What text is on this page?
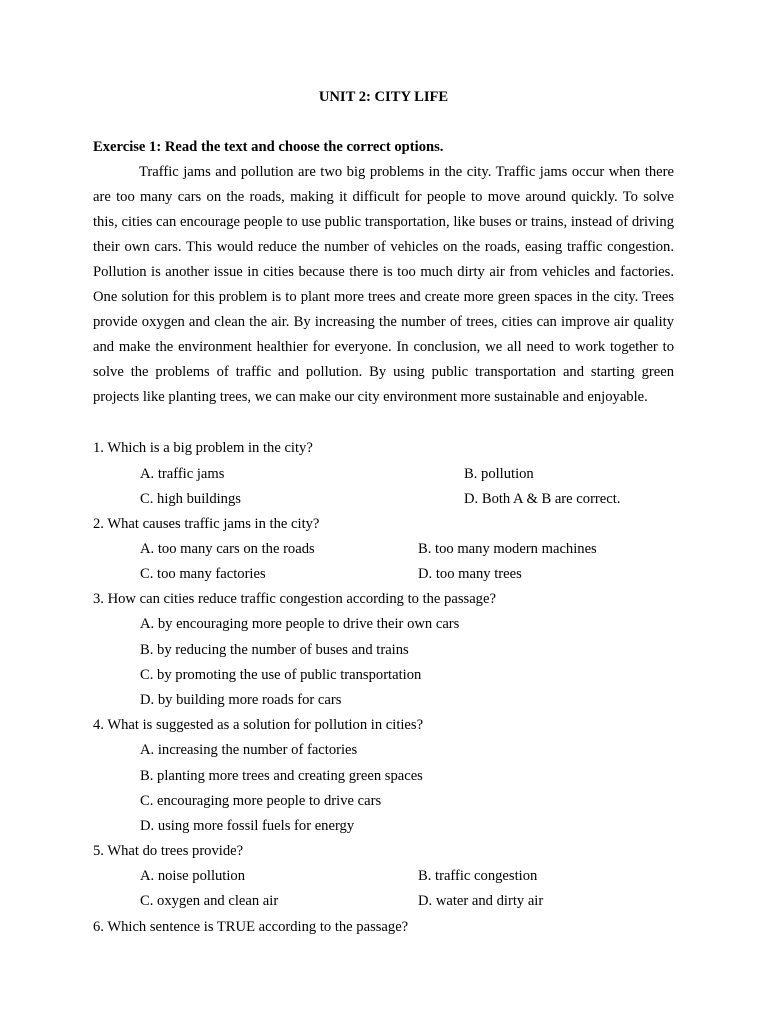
UNIT 2: CITY LIFE
Exercise 1: Read the text and choose the correct options.

Traffic jams and pollution are two big problems in the city. Traffic jams occur when there are too many cars on the roads, making it difficult for people to move around quickly. To solve this, cities can encourage people to use public transportation, like buses or trains, instead of driving their own cars. This would reduce the number of vehicles on the roads, easing traffic congestion. Pollution is another issue in cities because there is too much dirty air from vehicles and factories. One solution for this problem is to plant more trees and create more green spaces in the city. Trees provide oxygen and clean the air. By increasing the number of trees, cities can improve air quality and make the environment healthier for everyone. In conclusion, we all need to work together to solve the problems of traffic and pollution. By using public transportation and starting green projects like planting trees, we can make our city environment more sustainable and enjoyable.

1. Which is a big problem in the city?
A. traffic jams	B. pollution
C. high buildings	D. Both A & B are correct.
2. What causes traffic jams in the city?
A. too many cars on the roads	B. too many modern machines
C. too many factories	D. too many trees
3. How can cities reduce traffic congestion according to the passage?
A. by encouraging more people to drive their own cars
B. by reducing the number of buses and trains
C. by promoting the use of public transportation
D. by building more roads for cars
4. What is suggested as a solution for pollution in cities?
A. increasing the number of factories
B. planting more trees and creating green spaces
C. encouraging more people to drive cars
D. using more fossil fuels for energy
5. What do trees provide?
A. noise pollution	B. traffic congestion
C. oxygen and clean air	D. water and dirty air
6. Which sentence is TRUE according to the passage?
